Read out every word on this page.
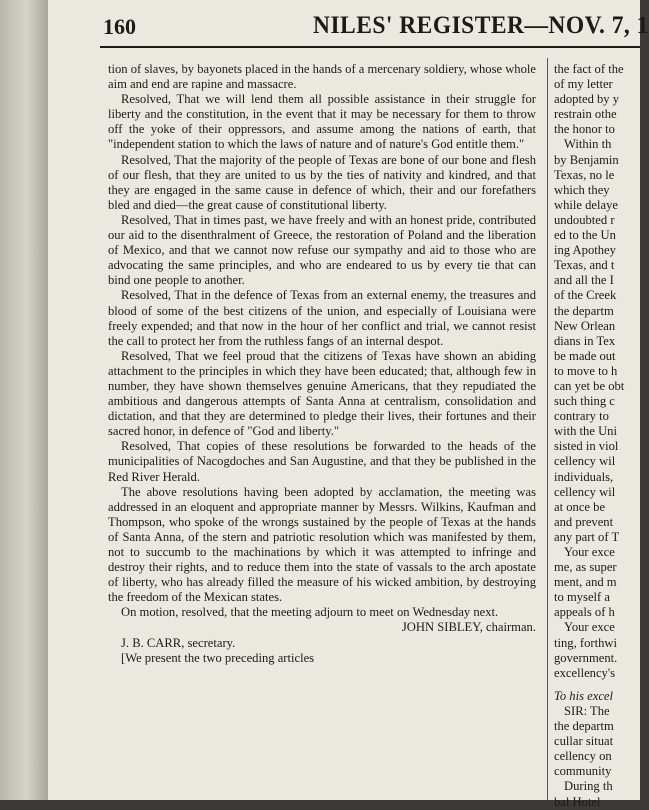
160	NILES' REGISTER—NOV. 7, 1

tion of slaves, by bayonets placed in the hands of a mercenary soldiery, whose whole aim and end are rapine and massacre.

Resolved, That we will lend them all possible assistance in their struggle for liberty and the constitution, in the event that it may be necessary for them to throw off the yoke of their oppressors, and assume among the nations of earth, that "independent station to which the laws of nature and of nature's God entitle them."

Resolved, That the majority of the people of Texas are bone of our bone and flesh of our flesh, that they are united to us by the ties of nativity and kindred, and that they are engaged in the same cause in defence of which, their and our forefathers bled and died—the great cause of constitutional liberty.

Resolved, That in times past, we have freely and with an honest pride, contributed our aid to the disenthralment of Greece, the restoration of Poland and the liberation of Mexico, and that we cannot now refuse our sympathy and aid to those who are advocating the same principles, and who are endeared to us by every tie that can bind one people to another.

Resolved, That in the defence of Texas from an external enemy, the treasures and blood of some of the best citizens of the union, and especially of Louisiana were freely expended; and that now in the hour of her conflict and trial, we cannot resist the call to protect her from the ruthless fangs of an internal despot.

Resolved, That we feel proud that the citizens of Texas have shown an abiding attachment to the principles in which they have been educated; that, although few in number, they have shown themselves genuine Americans, that they repudiated the ambitious and dangerous attempts of Santa Anna at centralism, consolidation and dictation, and that they are determined to pledge their lives, their fortunes and their sacred honor, in defence of "God and liberty."

Resolved, That copies of these resolutions be forwarded to the heads of the municipalities of Nacogdoches and San Augustine, and that they be published in the Red River Herald.

The above resolutions having been adopted by acclamation, the meeting was addressed in an eloquent and appropriate manner by Messrs. Wilkins, Kaufman and Thompson, who spoke of the wrongs sustained by the people of Texas at the hands of Santa Anna, of the stern and patriotic resolution which was manifested by them, not to succumb to the machinations by which it was attempted to infringe and destroy their rights, and to reduce them into the state of vassals to the arch apostate of liberty, who has already filled the measure of his wicked ambition, by destroying the freedom of the Mexican states.

On motion, resolved, that the meeting adjourn to meet on Wednesday next.

JOHN SIBLEY, chairman.

J. B. CARR, secretary.

[We present the two preceding articles

the fact of the
of my letter
adopted by y
restrain othe
the honor to
Within th
by Benjamin
Texas, no le
which they
while delaye
undoubted r
ed to the Un
ing Apothey
Texas, and t
and all the I
of the Creek
the departm
New Orlean
dians in Tex
be made out
to move to h
can yet be obt
such thing c
contrary to
with the Uni
sisted in viol
cellency wil
individuals,
cellency wil
at once be
and prevent
any part of T
Your exce
me, as super
ment, and m
to myself a
appeals of h
Your exce
ting, forthwi
government.
excellency's
To his excel
SIR: The
the departm
cullar situat
cellency on
community
During th
bal Hotel
